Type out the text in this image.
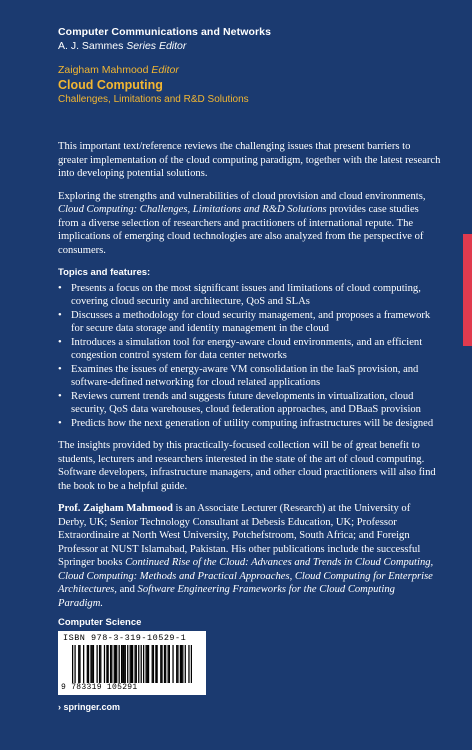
Computer Communications and Networks
A. J. Sammes Series Editor
Zaigham Mahmood Editor
Cloud Computing
Challenges, Limitations and R&D Solutions

This important text/reference reviews the challenging issues that present barriers to greater implementation of the cloud computing paradigm, together with the latest research into developing potential solutions.

Exploring the strengths and vulnerabilities of cloud provision and cloud environments, Cloud Computing: Challenges, Limitations and R&D Solutions provides case studies from a diverse selection of researchers and practitioners of international repute. The implications of emerging cloud technologies are also analyzed from the perspective of consumers.

Topics and features:
• Presents a focus on the most significant issues and limitations of cloud computing, covering cloud security and architecture, QoS and SLAs
• Discusses a methodology for cloud security management, and proposes a framework for secure data storage and identity management in the cloud
• Introduces a simulation tool for energy-aware cloud environments, and an efficient congestion control system for data center networks
• Examines the issues of energy-aware VM consolidation in the IaaS provision, and software-defined networking for cloud related applications
• Reviews current trends and suggests future developments in virtualization, cloud security, QoS data warehouses, cloud federation approaches, and DBaaS provision
• Predicts how the next generation of utility computing infrastructures will be designed

The insights provided by this practically-focused collection will be of great benefit to students, lecturers and researchers interested in the state of the art of cloud computing. Software developers, infrastructure managers, and other cloud practitioners will also find the book to be a helpful guide.

Prof. Zaigham Mahmood is an Associate Lecturer (Research) at the University of Derby, UK; Senior Technology Consultant at Debesis Education, UK; Professor Extraordinaire at North West University, Potchefstroom, South Africa; and Foreign Professor at NUST Islamabad, Pakistan. His other publications include the successful Springer books Continued Rise of the Cloud: Advances and Trends in Cloud Computing, Cloud Computing: Methods and Practical Approaches, Cloud Computing for Enterprise Architectures, and Software Engineering Frameworks for the Cloud Computing Paradigm.

Computer Science
ISBN 978-3-319-10529-1
9 783319 105291
› springer.com
